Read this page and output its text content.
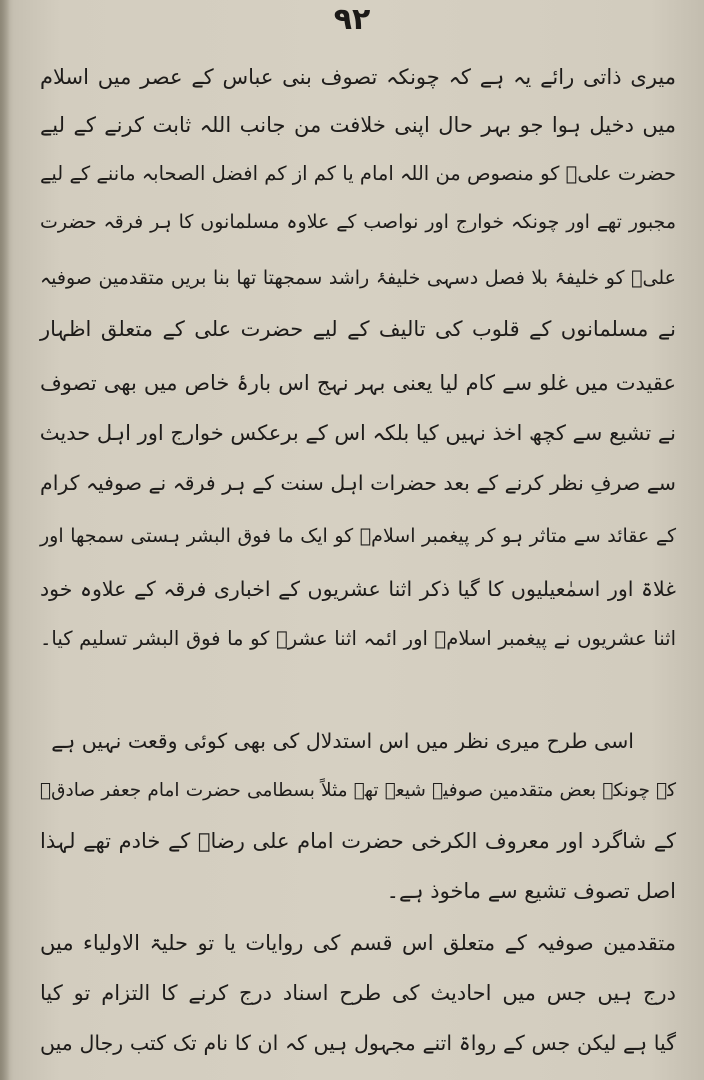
٩٢
میری ذاتی رائے یہ ہے کہ چونکہ تصوف بنی عباس کے عصر میں اسلام
میں دخیل ہوا جو بہر حال اپنی خلافت من جانب اللہ ثابت کرنے کے لیے
حضرت علیؑ کو منصوص من اللہ امام یا کم از کم افضل الصحابہ ماننے کے لیے
مجبور تھے اور چونکہ خوارج اور نواصب کے علاوہ مسلمانوں کا ہر فرقہ حضرت
علیؑ کو خلیفۂ بلا فصل دسہی خلیفۂ راشد سمجھتا تھا بنا بریں متقدمین صوفیہ
نے مسلمانوں کے قلوب کی تالیف کے لیے حضرت علی کے متعلق اظہار
عقیدت میں غلو سے کام لیا یعنی بہر نہج اس بارۂ خاص میں بھی تصوف
نے تشیع سے کچھ اخذ نہیں کیا بلکہ اس کے برعکس خوارج اور اہل حدیث
سے صرفِ نظر کرنے کے بعد حضرات اہل سنت کے ہر فرقہ نے صوفیہ کرام
کے عقائد سے متاثر ہو کر پیغمبر اسلامؐ کو ایک ما فوق البشر ہستی سمجھا اور
غلاۃ اور اسمٰعیلیوں کا گیا ذکر اثنا عشریوں کے اخباری فرقہ کے علاوہ خود
اثنا عشریوں نے پیغمبر اسلامؐ اور ائمہ اثنا عشرؑ کو ما فوق البشر تسلیم کیا۔
اسی طرح میری نظر میں اس استدلال کی بھی کوئی وقعت نہیں ہے
کہ چونکہ بعض متقدمین صوفیہ شیعہ تھے مثلاً بسطامی حضرت امام جعفر صادقؑ
کے شاگرد اور معروف الکرخی حضرت امام علی رضاؑ کے خادم تھے لہذا
اصل تصوف تشیع سے ماخوذ ہے۔
متقدمین صوفیہ کے متعلق اس قسم کی روایات یا تو حلیۃ الاولیاء میں
درج ہیں جس میں احادیث کی طرح اسناد درج کرنے کا التزام تو کیا
گیا ہے لیکن جس کے رواۃ اتنے مجہول ہیں کہ ان کا نام تک کتب رجال میں
